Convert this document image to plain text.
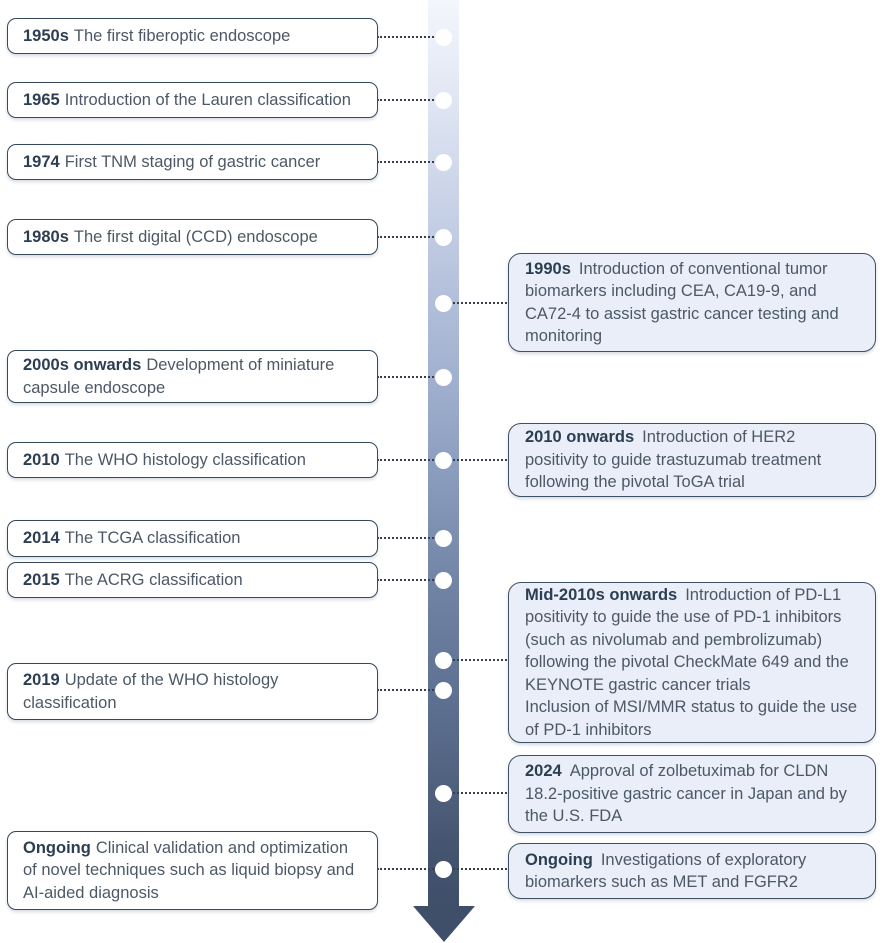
1950s The first fiberoptic endoscope
1965 Introduction of the Lauren classification
1974 First TNM staging of gastric cancer
1980s The first digital (CCD) endoscope
2000s onwards Development of miniature capsule endoscope
2010 The WHO histology classification
2014 The TCGA classification
2015 The ACRG classification
2019 Update of the WHO histology classification
Ongoing Clinical validation and optimization of novel techniques such as liquid biopsy and AI-aided diagnosis
1990s Introduction of conventional tumor biomarkers including CEA, CA19-9, and CA72-4 to assist gastric cancer testing and monitoring
2010 onwards Introduction of HER2 positivity to guide trastuzumab treatment following the pivotal ToGA trial
Mid-2010s onwards Introduction of PD-L1 positivity to guide the use of PD-1 inhibitors (such as nivolumab and pembrolizumab) following the pivotal CheckMate 649 and the KEYNOTE gastric cancer trials
Inclusion of MSI/MMR status to guide the use of PD-1 inhibitors
2024 Approval of zolbetuximab for CLDN 18.2-positive gastric cancer in Japan and by the U.S. FDA
Ongoing Investigations of exploratory biomarkers such as MET and FGFR2
